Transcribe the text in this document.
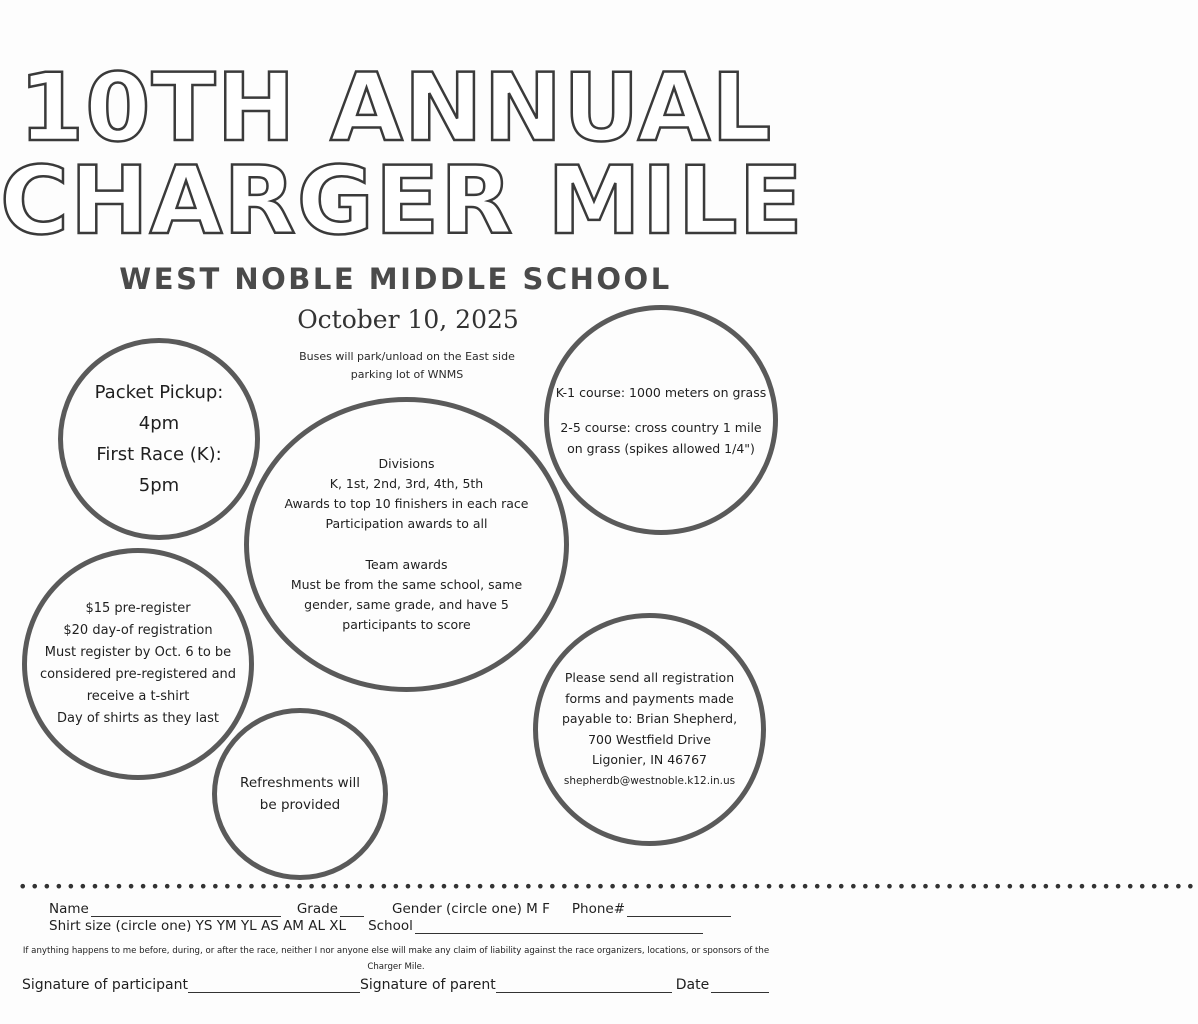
10TH ANNUAL
CHARGER MILE
WEST NOBLE MIDDLE SCHOOL
October 10, 2025
Buses will park/unload on the East side parking lot of WNMS

Packet Pickup:

4pm

First Race (K):

5pm

K-1 course: 1000 meters on grass

2-5 course: cross country 1 mile on grass (spikes allowed 1/4")

Divisions

K, 1st, 2nd, 3rd, 4th, 5th

Awards to top 10 finishers in each race

Participation awards to all

Team awards

Must be from the same school, same gender, same grade, and have 5 participants to score

$15 pre-register

$20 day-of registration

Must register by Oct. 6 to be considered pre-registered and receive a t-shirt

Day of shirts as they last

Refreshments will be provided

Please send all registration forms and payments made payable to: Brian Shepherd,

700 Westfield Drive

Ligonier, IN 46767

shepherdb@westnoble.k12.in.us

••••••••••••••••••••••••••••••••••••••••••••••••••••••••••••••••••••••••••••••••••••••••••••••••••
Name	Grade	Gender (circle one) M F Phone#
Shirt size (circle one) YS YM YL AS AM AL XL School
If anything happens to me before, during, or after the race, neither I nor anyone else will make any claim of liability against the race organizers, locations, or sponsors of the Charger Mile.
Signature of participant	Signature of parent	Date
